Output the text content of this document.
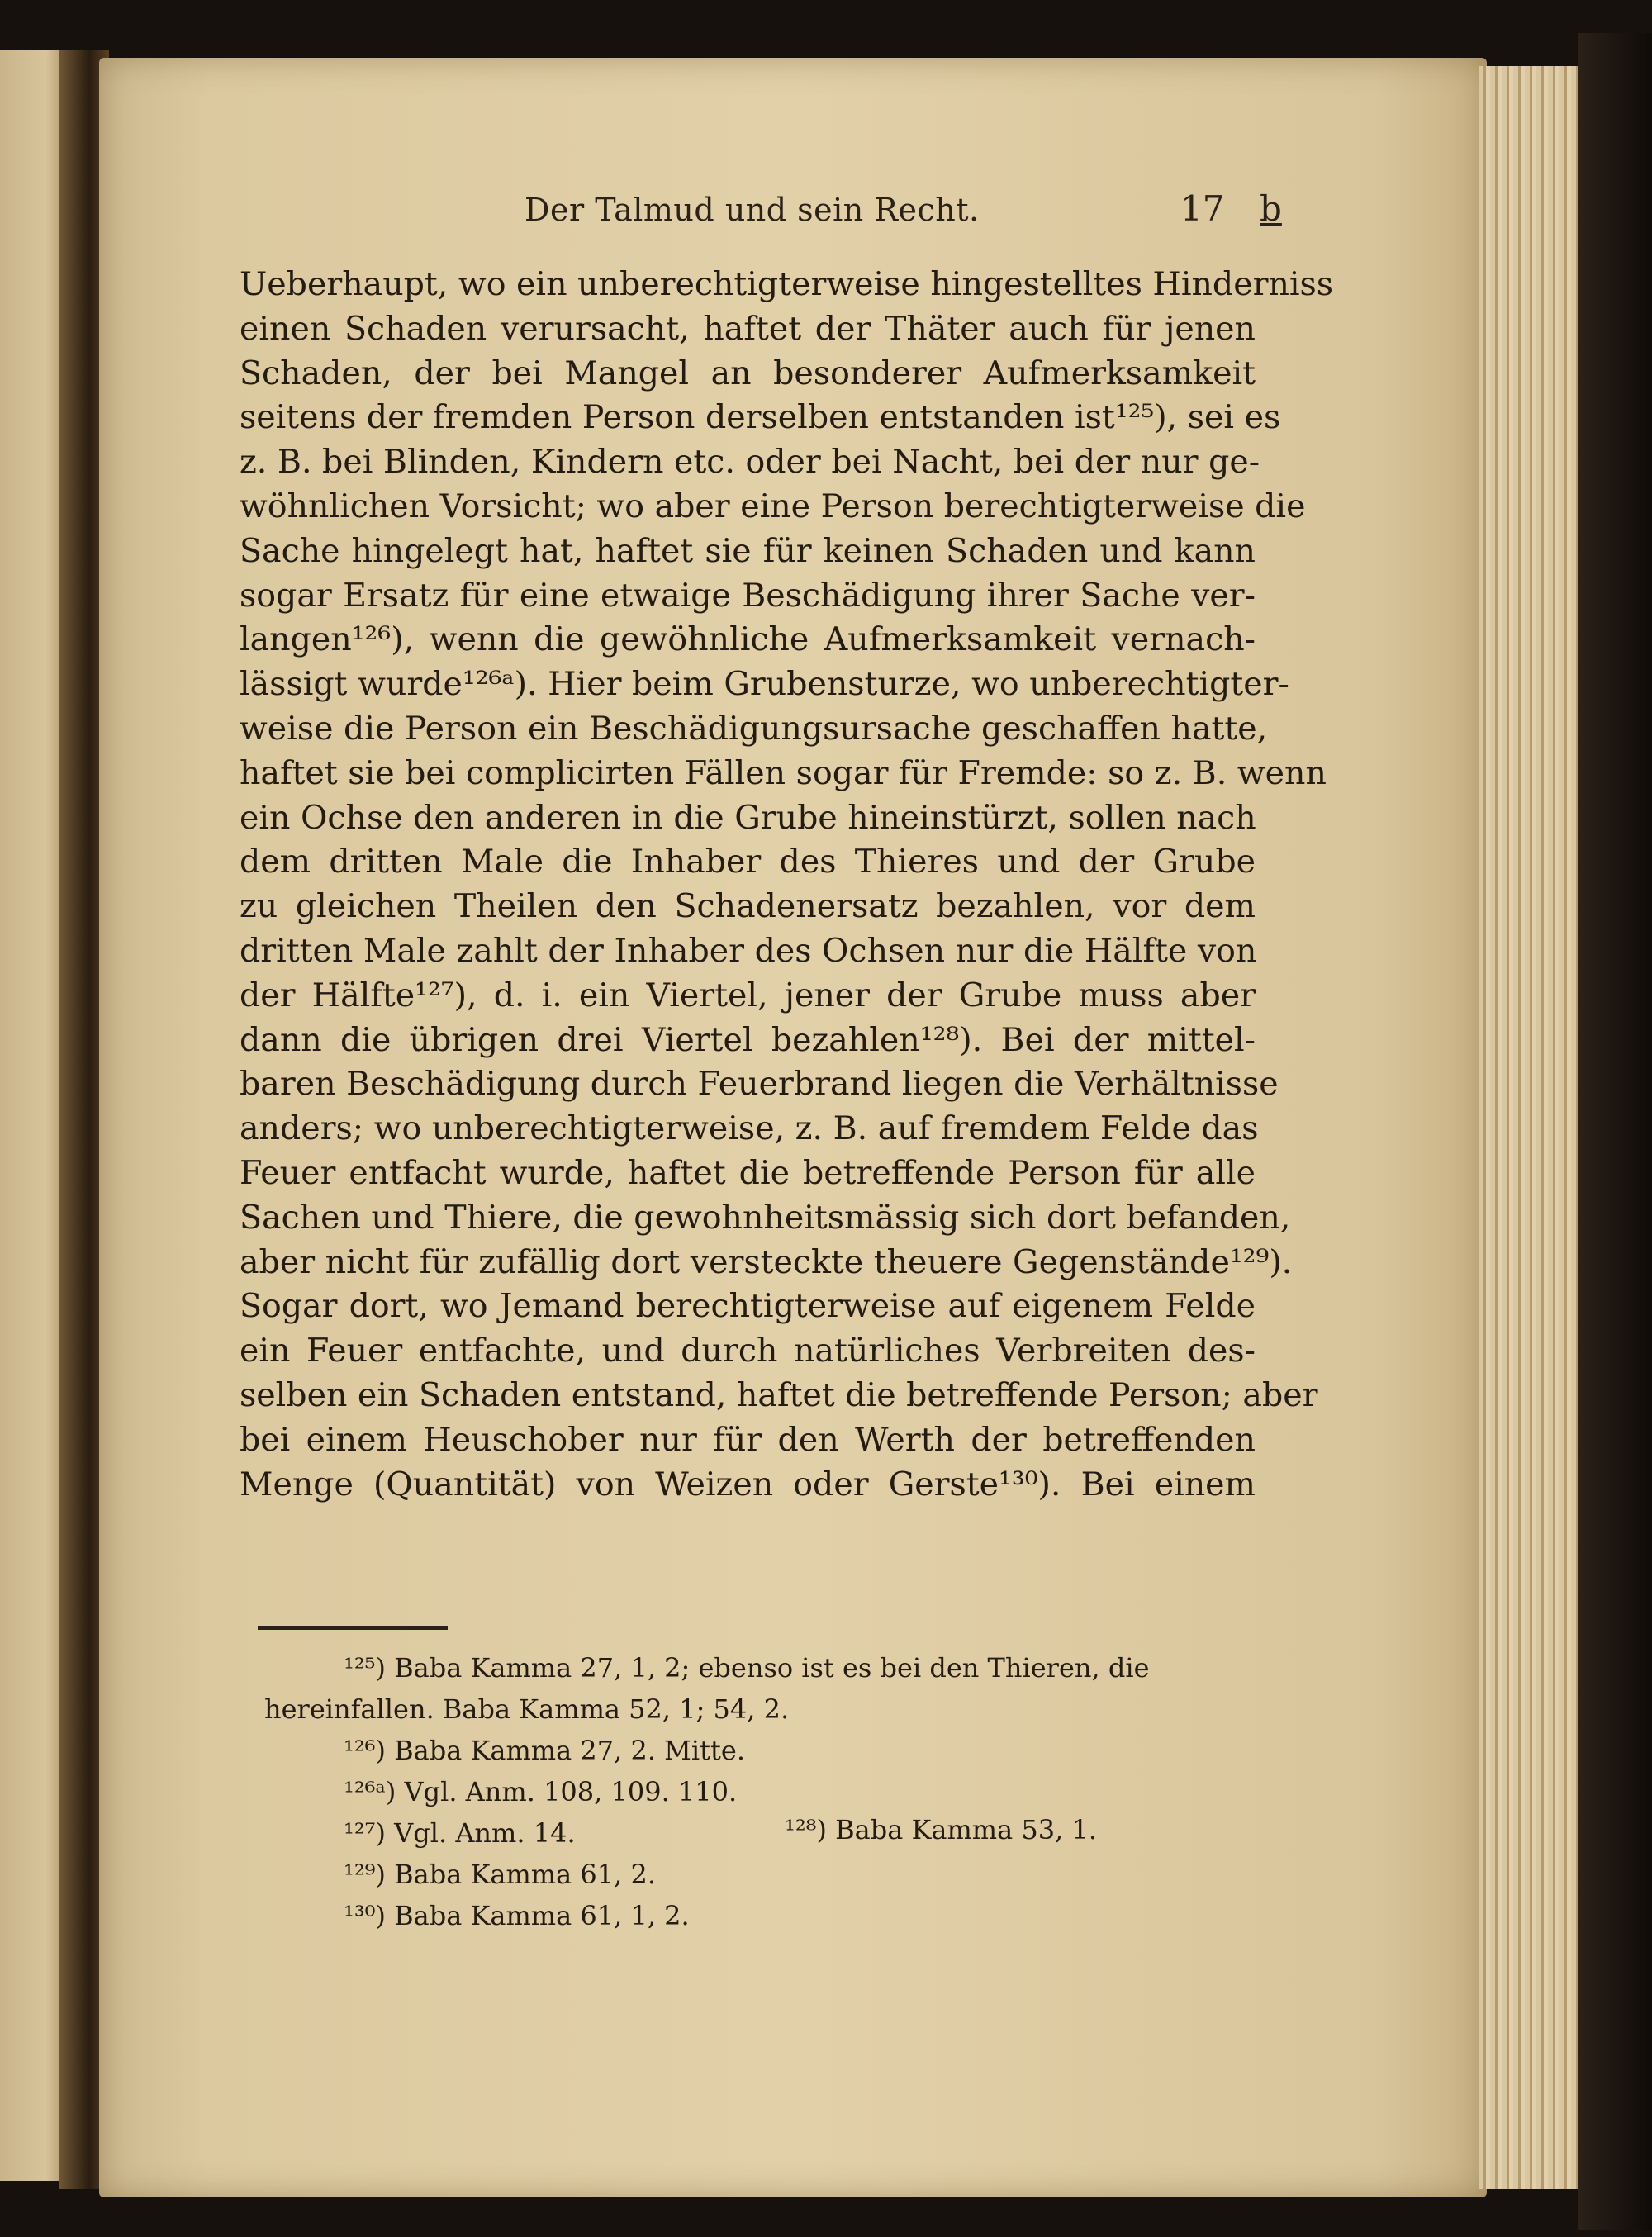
Der Talmud und sein Recht.	17 b
Ueberhaupt, wo ein unberechtigterweise hingestelltes Hinderniss
einen Schaden verursacht, haftet der Thäter auch für jenen
Schaden, der bei Mangel an besonderer Aufmerksamkeit
seitens der fremden Person derselben entstanden ist¹²⁵), sei es
z. B. bei Blinden, Kindern etc. oder bei Nacht, bei der nur ge-
wöhnlichen Vorsicht; wo aber eine Person berechtigterweise die
Sache hingelegt hat, haftet sie für keinen Schaden und kann
sogar Ersatz für eine etwaige Beschädigung ihrer Sache ver-
langen¹²⁶), wenn die gewöhnliche Aufmerksamkeit vernach-
lässigt wurde¹²⁶ᵃ). Hier beim Grubensturze, wo unberechtigter-
weise die Person ein Beschädigungsursache geschaffen hatte,
haftet sie bei complicirten Fällen sogar für Fremde: so z. B. wenn
ein Ochse den anderen in die Grube hineinstürzt, sollen nach
dem dritten Male die Inhaber des Thieres und der Grube
zu gleichen Theilen den Schadenersatz bezahlen, vor dem
dritten Male zahlt der Inhaber des Ochsen nur die Hälfte von
der Hälfte¹²⁷), d. i. ein Viertel, jener der Grube muss aber
dann die übrigen drei Viertel bezahlen¹²⁸). Bei der mittel-
baren Beschädigung durch Feuerbrand liegen die Verhältnisse
anders; wo unberechtigterweise, z. B. auf fremdem Felde das
Feuer entfacht wurde, haftet die betreffende Person für alle
Sachen und Thiere, die gewohnheitsmässig sich dort befanden,
aber nicht für zufällig dort versteckte theuere Gegenstände¹²⁹).
Sogar dort, wo Jemand berechtigterweise auf eigenem Felde
ein Feuer entfachte, und durch natürliches Verbreiten des-
selben ein Schaden entstand, haftet die betreffende Person; aber
bei einem Heuschober nur für den Werth der betreffenden
Menge (Quantität) von Weizen oder Gerste¹³⁰). Bei einem
¹²⁵) Baba Kamma 27, 1, 2; ebenso ist es bei den Thieren, die
hereinfallen. Baba Kamma 52, 1; 54, 2.
¹²⁶) Baba Kamma 27, 2. Mitte.
¹²⁶ᵃ) Vgl. Anm. 108, 109. 110.
¹²⁷) Vgl. Anm. 14.	¹²⁸) Baba Kamma 53, 1.
¹²⁹) Baba Kamma 61, 2.
¹³⁰) Baba Kamma 61, 1, 2.
